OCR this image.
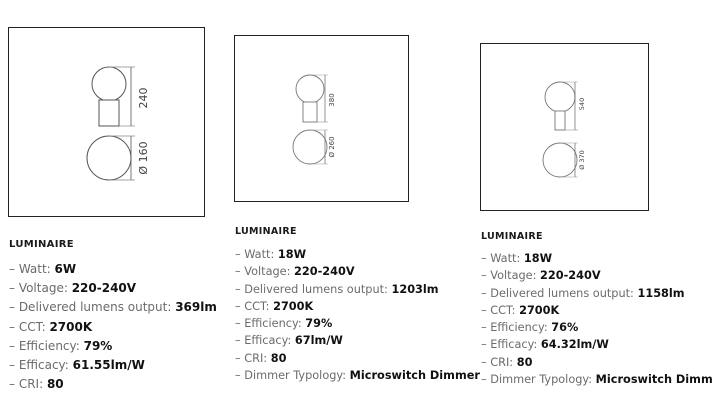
240
Ø 160
LUMINAIRE
– Watt: 6W
– Voltage: 220-240V
– Delivered lumens output: 369lm
– CCT: 2700K
– Efficiency: 79%
– Efficacy: 61.55lm/W
– CRI: 80
380
Ø 260
LUMINAIRE
– Watt: 18W
– Voltage: 220-240V
– Delivered lumens output: 1203lm
– CCT: 2700K
– Efficiency: 79%
– Efficacy: 67lm/W
– CRI: 80
– Dimmer Typology: Microswitch Dimmer
540
Ø 370
LUMINAIRE
– Watt: 18W
– Voltage: 220-240V
– Delivered lumens output: 1158lm
– CCT: 2700K
– Efficiency: 76%
– Efficacy: 64.32lm/W
– CRI: 80
– Dimmer Typology: Microswitch Dimm
